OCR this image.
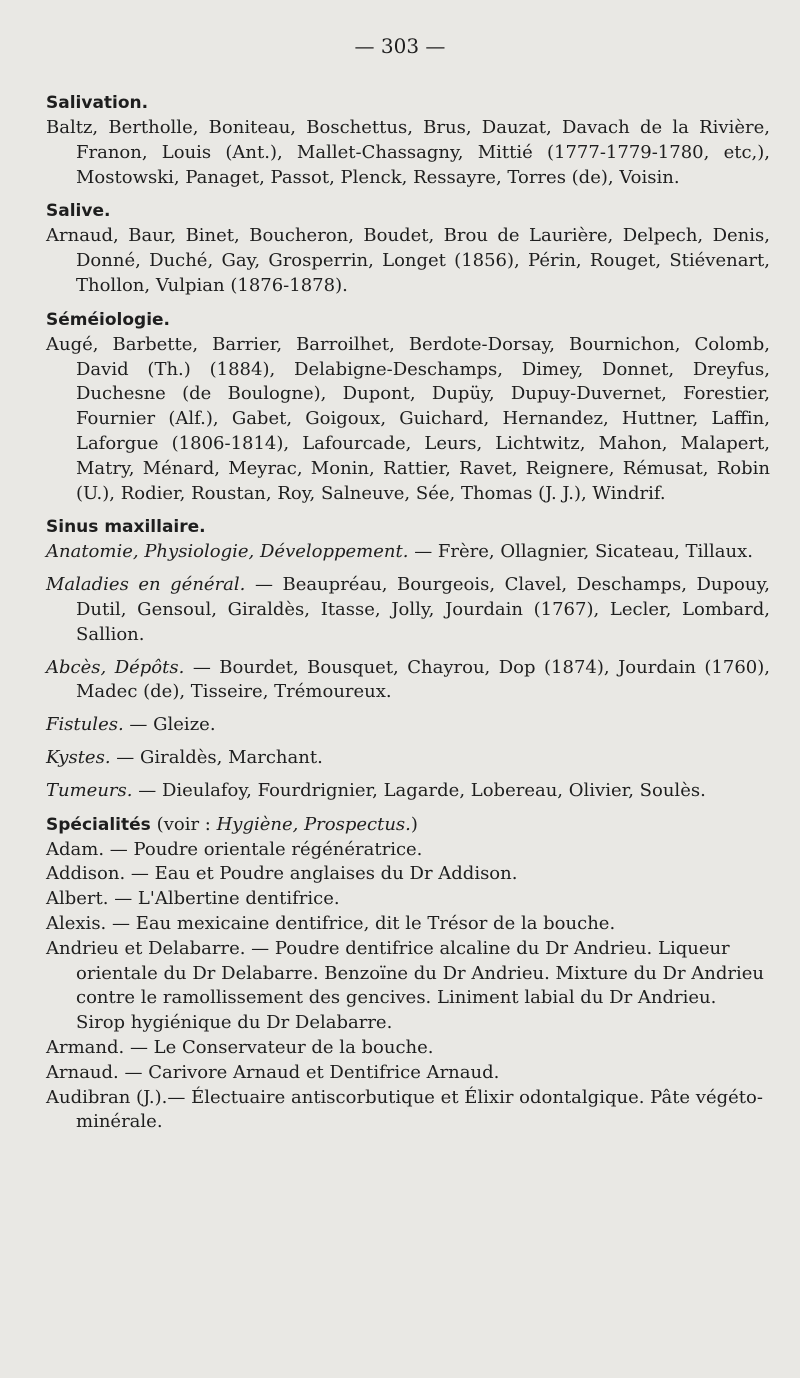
— 303 —
Salivation.
Baltz, Bertholle, Boniteau, Boschettus, Brus, Dauzat, Davach de la Rivière, Franon, Louis (Ant.), Mallet-Chassagny, Mittié (1777-1779-1780, etc,), Mostowski, Panaget, Passot, Plenck, Ressayre, Torres (de), Voisin.
Salive.
Arnaud, Baur, Binet, Boucheron, Boudet, Brou de Laurière, Delpech, Denis, Donné, Duché, Gay, Grosperrin, Longet (1856), Périn, Rouget, Stiévenart, Thollon, Vulpian (1876-1878).
Séméiologie.
Augé, Barbette, Barrier, Barroilhet, Berdote-Dorsay, Bournichon, Colomb, David (Th.) (1884), Delabigne-Deschamps, Dimey, Donnet, Dreyfus, Duchesne (de Boulogne), Dupont, Dupüy, Dupuy-Duvernet, Forestier, Fournier (Alf.), Gabet, Goigoux, Guichard, Hernandez, Huttner, Laffin, Laforgue (1806-1814), Lafourcade, Leurs, Lichtwitz, Mahon, Malapert, Matry, Ménard, Meyrac, Monin, Rattier, Ravet, Reignere, Rémusat, Robin (U.), Rodier, Roustan, Roy, Salneuve, Sée, Thomas (J. J.), Windrif.
Sinus maxillaire.
Anatomie, Physiologie, Développement. — Frère, Ollagnier, Sicateau, Tillaux.
Maladies en général. — Beaupréau, Bourgeois, Clavel, Deschamps, Dupouy, Dutil, Gensoul, Giraldès, Itasse, Jolly, Jourdain (1767), Lecler, Lombard, Sallion.
Abcès, Dépôts. — Bourdet, Bousquet, Chayrou, Dop (1874), Jourdain (1760), Madec (de), Tisseire, Trémoureux.
Fistules. — Gleize.
Kystes. — Giraldès, Marchant.
Tumeurs. — Dieulafoy, Fourdrignier, Lagarde, Lobereau, Olivier, Soulès.
Spécialités (voir : Hygiène, Prospectus.)
Adam. — Poudre orientale régénératrice.
Addison. — Eau et Poudre anglaises du Dr Addison.
Albert. — L'Albertine dentifrice.
Alexis. — Eau mexicaine dentifrice, dit le Trésor de la bouche.
Andrieu et Delabarre. — Poudre dentifrice alcaline du Dr Andrieu. Liqueur orientale du Dr Delabarre. Benzoïne du Dr Andrieu. Mixture du Dr Andrieu contre le ramollissement des gencives. Liniment labial du Dr Andrieu. Sirop hygiénique du Dr Delabarre.
Armand. — Le Conservateur de la bouche.
Arnaud. — Carivore Arnaud et Dentifrice Arnaud.
Audibran (J.).— Électuaire antiscorbutique et Élixir odontalgique. Pâte végéto-minérale.
